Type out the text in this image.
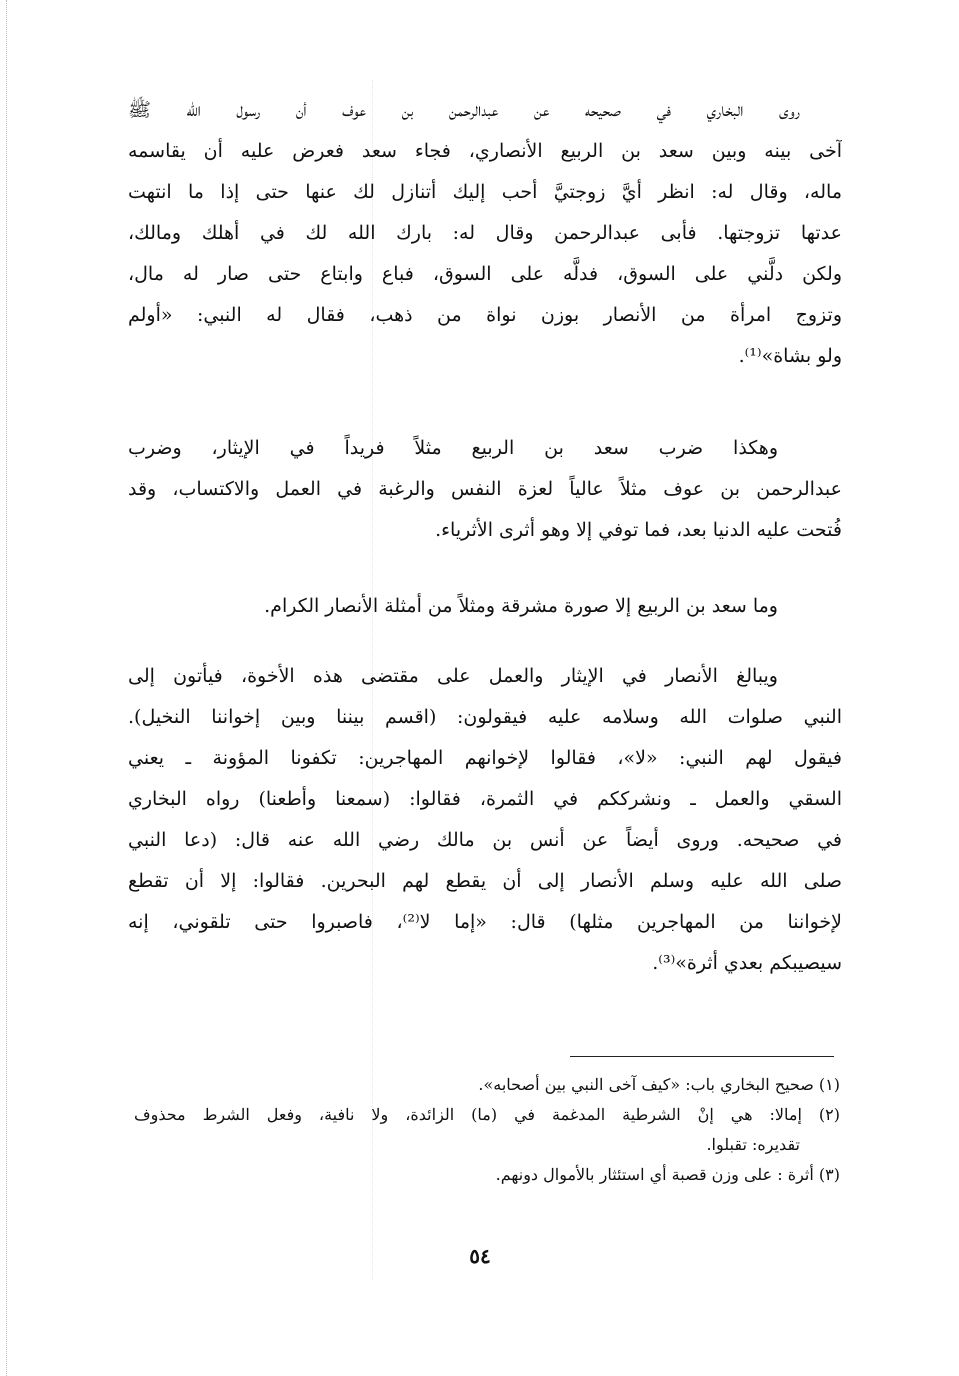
روى البخاري في صحيحه عن عبدالرحمن بن عوف أن رسول الله ﷺ
آخى بينه وبين سعد بن الربيع الأنصاري، فجاء سعد فعرض عليه أن يقاسمه
ماله، وقال له: انظر أيَّ زوجتيَّ أحب إليك أتنازل لك عنها حتى إذا ما انتهت
عدتها تزوجتها. فأبى عبدالرحمن وقال له: بارك الله لك في أهلك ومالك،
ولكن دلَّني على السوق، فدلَّه على السوق، فباع وابتاع حتى صار له مال،
وتزوج امرأة من الأنصار بوزن نواة من ذهب، فقال له النبي: «أولم
ولو بشاة»⁽¹⁾.
وهكذا ضرب سعد بن الربيع مثلاً فريداً في الإيثار، وضرب
عبدالرحمن بن عوف مثلاً عالياً لعزة النفس والرغبة في العمل والاكتساب، وقد
فُتحت عليه الدنيا بعد، فما توفي إلا وهو أثرى الأثرياء.
وما سعد بن الربيع إلا صورة مشرقة ومثلاً من أمثلة الأنصار الكرام.
ويبالغ الأنصار في الإيثار والعمل على مقتضى هذه الأخوة، فيأتون إلى
النبي صلوات الله وسلامه عليه فيقولون: (اقسم بيننا وبين إخواننا النخيل).
فيقول لهم النبي: «لا»، فقالوا لإخوانهم المهاجرين: تكفونا المؤونة ـ يعني
السقي والعمل ـ ونشرككم في الثمرة، فقالوا: (سمعنا وأطعنا) رواه البخاري
في صحيحه. وروى أيضاً عن أنس بن مالك رضي الله عنه قال: (دعا النبي
صلى الله عليه وسلم الأنصار إلى أن يقطع لهم البحرين. فقالوا: إلا أن تقطع
لإخواننا من المهاجرين مثلها) قال: «إما لا⁽²⁾، فاصبروا حتى تلقوني، إنه
سيصيبكم بعدي أثرة»⁽³⁾.
(١) صحيح البخاري باب: «كيف آخى النبي بين أصحابه».
(٢) إمالا: هي إنْ الشرطية المدغمة في (ما) الزائدة، ولا نافية، وفعل الشرط محذوف
تقديره: تقبلوا.
(٣) أثرة : على وزن قصبة أي استئثار بالأموال دونهم.
٥٤
